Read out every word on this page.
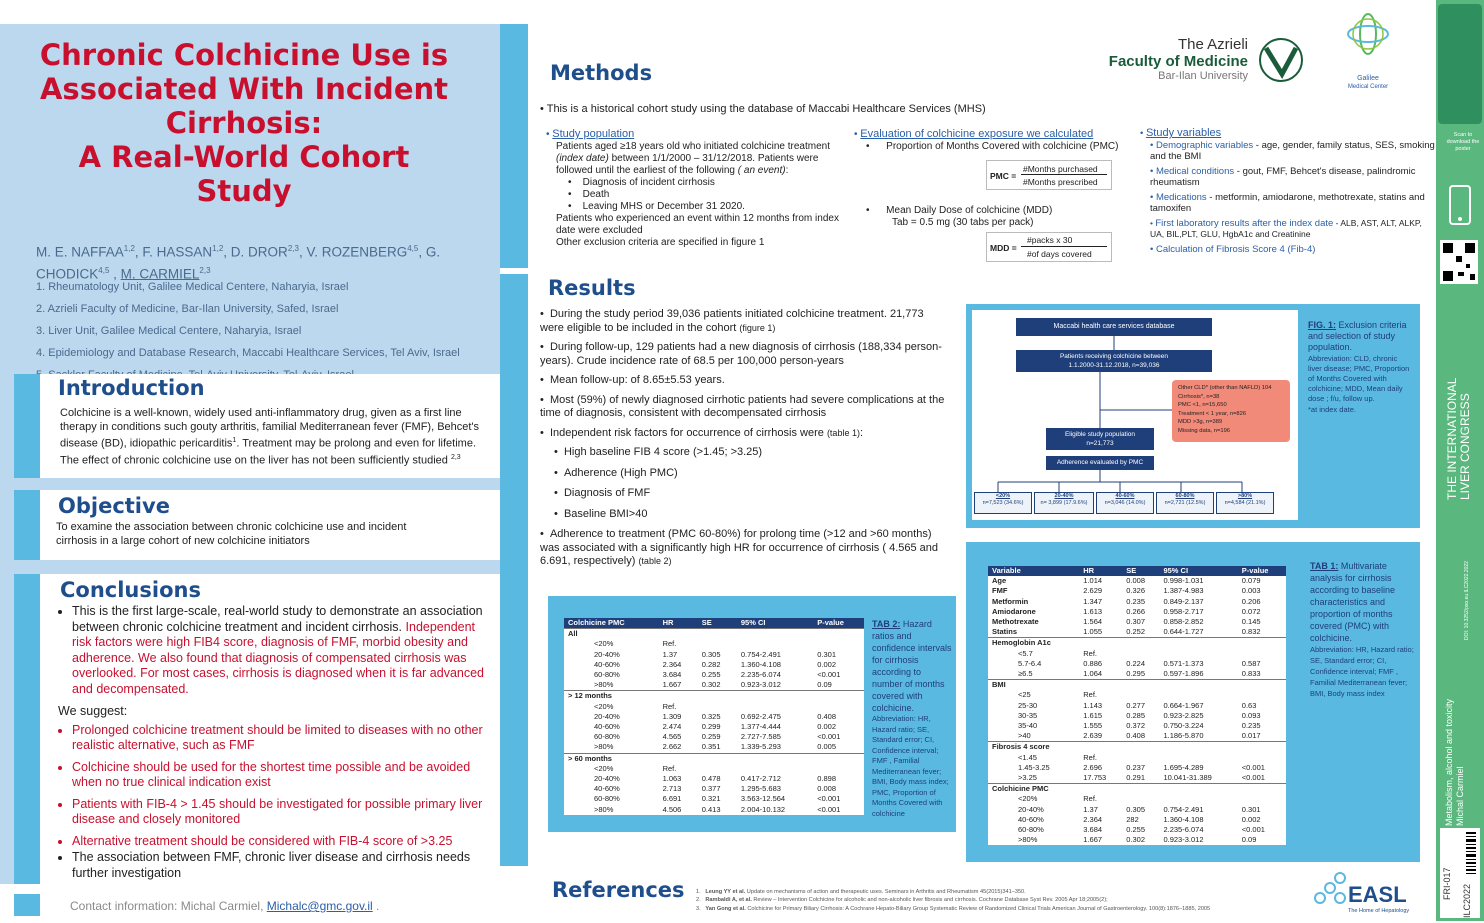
Chronic Colchicine Use is
Associated With Incident
Cirrhosis:
A Real-World Cohort
Study
M. E. NAFFAA$^{1,2}$, F. HASSAN$^{1,2}$, D. DROR$^{2,3}$, V. ROZENBERG$^{4,5}$, G.
CHODICK$^{4,5}$ , M. CARMIEL$^{2,3}$
1. Rheumatology Unit, Galilee Medical Centere, Naharyia, Israel
2. Azrieli Faculty of Medicine, Bar-Ilan University, Safed, Israel
3. Liver Unit, Galilee Medical Centere, Naharyia, Israel
4. Epidemiology and Database Research, Maccabi Healthcare Services, Tel Aviv, Israel
Introduction
Colchicine is a well-known, widely used anti-inflammatory drug, given as a first line therapy in conditions such gouty arthritis, familial Mediterranean fever (FMF), Behcet's disease (BD), idiopathic pericarditis$^1$. Treatment may be prolong and even for lifetime. The effect of chronic colchicine use on the liver has not been sufficiently studied $^{2,3}$
Objective
To examine the association between chronic colchicine use and incident cirrhosis in a large cohort of new colchicine initiators
Conclusions
• This is the first large-scale, real-world study to demonstrate an association between chronic colchicine treatment and incident cirrhosis. Independent risk factors were high FIB4 score, diagnosis of FMF, morbid obesity and adherence. We also found that diagnosis of compensated cirrhosis was overlooked. For most cases, cirrhosis is diagnosed when it is far advanced and decompensated.
We suggest:
• Prolonged colchicine treatment should be limited to diseases with no other realistic alternative, such as FMF
• Colchicine should be used for the shortest time possible and be avoided when no true clinical indication exist
• Patients with FIB-4 > 1.45 should be investigated for possible primary liver disease and closely monitored
• Alternative treatment should be considered with FIB-4 score of >3.25
• The association between FMF, chronic liver disease and cirrhosis needs further investigation
Contact information: Michal Carmiel, Michalc@gmc.gov.il .
Methods
• This is a historical cohort study using the database of Maccabi Healthcare Services (MHS)
• Study population
Patients aged ≥18 years old who initiated colchicine treatment (index date) between 1/1/2000 – 31/12/2018. Patients were followed until the earliest of the following ( an event):
•    Diagnosis of incident cirrhosis
•    Death
•    Leaving MHS or December 31 2020.
Patients who experienced an event within 12 months from index date were excluded
Other exclusion criteria are specified in figure 1
• Evaluation of colchicine exposure we calculated
•      Proportion of Months Covered with colchicine (PMC)
PMC =
#Months purchased
#Months prescribed
•      Mean Daily Dose of colchicine (MDD)
Tab = 0.5 mg (30 tabs per pack)
MDD =
#packs x 30
#of days covered
• Study variables
• Demographic variables - age, gender, family status, SES, smoking and the BMI
• Medical conditions - gout, FMF, Behcet's disease, palindromic rheumatism
• Medications - metformin, amiodarone, methotrexate, statins and tamoxifen
• First laboratory results after the index date - ALB, AST, ALT, ALKP, UA, BIL,PLT, GLU, HgbA1c and Creatinine
• Calculation of Fibrosis Score 4 (Fib-4)
The Azrieli
Faculty of Medicine
Bar-Ilan University	Galilee
Medical Center
Results
•  During the study period 39,036 patients initiated colchicine treatment. 21,773 were eligible to be included in the cohort (figure 1)
•  During follow-up, 129 patients had a new diagnosis of cirrhosis (188,334 person-years). Crude incidence rate of 68.5 per 100,000 person-years
•  Mean follow-up: of 8.65±5.53 years.
•  Most (59%) of newly diagnosed cirrhotic patients had severe complications at the time of diagnosis, consistent with decompensated cirrhosis
•  Independent risk factors for occurrence of cirrhosis were (table 1):
•  High baseline FIB 4 score (>1.45; >3.25)
•  Adherence (High PMC)
•  Diagnosis of FMF
•  Baseline BMI>40
•  Adherence to treatment (PMC 60-80%) for prolong time (>12 and >60 months) was associated with a significantly high HR for occurrence of cirrhosis ( 4.565 and 6.691, respectively) (table 2)
Maccabi health care services database
Patients receiving colchicine between
1.1.2000-31.12.2018, n=39,036
Other CLD* (other than NAFLD) 104
Cirrhosis*, n=38
PMC <1, n=15,650
Treatment < 1 year, n=826
MDD >3g, n=389
Missing data, n=196
Eligible study population
n=21,773
Adherence evaluated by PMC
<20%
n=7,523 (34.6%)
20-40%
n= 3,899 (17.9.6%)
40-60%
n=3,046 (14.0%)
60-80%
n=2,721 (12.5%)
>80%
n=4,584 (21.1%)
FIG. 1: Exclusion criteria and selection of study population.
Abbreviation: CLD, chronic liver disease; PMC, Proportion of Months Covered with colchicine; MDD, Mean daily dose ; f/u, follow up.
*at index date.
Colchicine PMC	HR	SE	95% CI	P-value
All				
<20%	Ref.			
20-40%	1.37	0.305	0.754-2.491	0.301
40-60%	2.364	0.282	1.360-4.108	0.002
60-80%	3.684	0.255	2.235-6.074	<0.001
>80%	1.667	0.302	0.923-3.012	0.09
> 12 months				
<20%	Ref.			
20-40%	1.309	0.325	0.692-2.475	0.408
40-60%	2.474	0.299	1.377-4.444	0.002
60-80%	4.565	0.259	2.727-7.585	<0.001
>80%	2.662	0.351	1.339-5.293	0.005
> 60 months				
<20%	Ref.			
20-40%	1.063	0.478	0.417-2.712	0.898
40-60%	2.713	0.377	1.295-5.683	0.008
60-80%	6.691	0.321	3.563-12.564	<0.001
>80%	4.506	0.413	2.004-10.132	<0.001
TAB 2: Hazard ratios and confidence intervals for cirrhosis according to number of months covered with colchicine.
Abbreviation: HR, Hazard ratio; SE, Standard error; CI, Confidence interval; FMF , Familial Mediterranean fever; BMI, Body mass index; PMC, Proportion of Months Covered with colchicine
Variable	HR	SE	95% CI	P-value
Age	1.014	0.008	0.998-1.031	0.079
FMF	2.629	0.326	1.387-4.983	0.003
Metformin	1.347	0.235	0.849-2.137	0.206
Amiodarone	1.613	0.266	0.958-2.717	0.072
Methotrexate	1.564	0.307	0.858-2.852	0.145
Statins	1.055	0.252	0.644-1.727	0.832
Hemoglobin A1c				
<5.7	Ref.			
5.7-6.4	0.886	0.224	0.571-1.373	0.587
≥6.5	1.064	0.295	0.597-1.896	0.833
BMI				
<25	Ref.			
25-30	1.143	0.277	0.664-1.967	0.63
30-35	1.615	0.285	0.923-2.825	0.093
35-40	1.555	0.372	0.750-3.224	0.235
>40	2.639	0.408	1.186-5.870	0.017
Fibrosis 4 score				
<1.45	Ref.			
1.45-3.25	2.696	0.237	1.695-4.289	<0.001
>3.25	17.753	0.291	10.041-31.389	<0.001
Colchicine PMC				
<20%	Ref.			
20-40%	1.37	0.305	0.754-2.491	0.301
40-60%	2.364	282	1.360-4.108	0.002
60-80%	3.684	0.255	2.235-6.074	<0.001
>80%	1.667	0.302	0.923-3.012	0.09
TAB 1: Multivariate analysis for cirrhosis according to baseline characteristics and proportion of months covered (PMC) with colchicine.
Abbreviation: HR, Hazard ratio; SE, Standard error; CI, Confidence interval; FMF , Familial Mediterranean fever; BMI, Body mass index
References 1. Leung YY et al. Update on mechanisms of action and therapeutic uses. Seminars in Arthritis and Rheumatism 45(2015)341–350.
2. Rambaldi A, et al. Review – Intervention Colchicine for alcoholic and non-alcoholic liver fibrosis and cirrhosis. Cochrane Database Syst Rev. 2005 Apr 18;2005(2);
3. Yan Gong et al. Colchicine for Primary Biliary Cirrhosis: A Cochrane Hepato-Biliary Group Systematic Review of Randomized Clinical Trials American Journal of Gastroenterology. 100(8):1876–1885, 2005
EASL
The Home of Hepatology
Scan to
download the
poster
THE INTERNATIONAL LIVER CONGRESS
DOI: 10.3252/pso.eu.ILC2022.2022
Metabolism, alcohol and toxicity Michal Carmiel
FRI-017
ILC2022
